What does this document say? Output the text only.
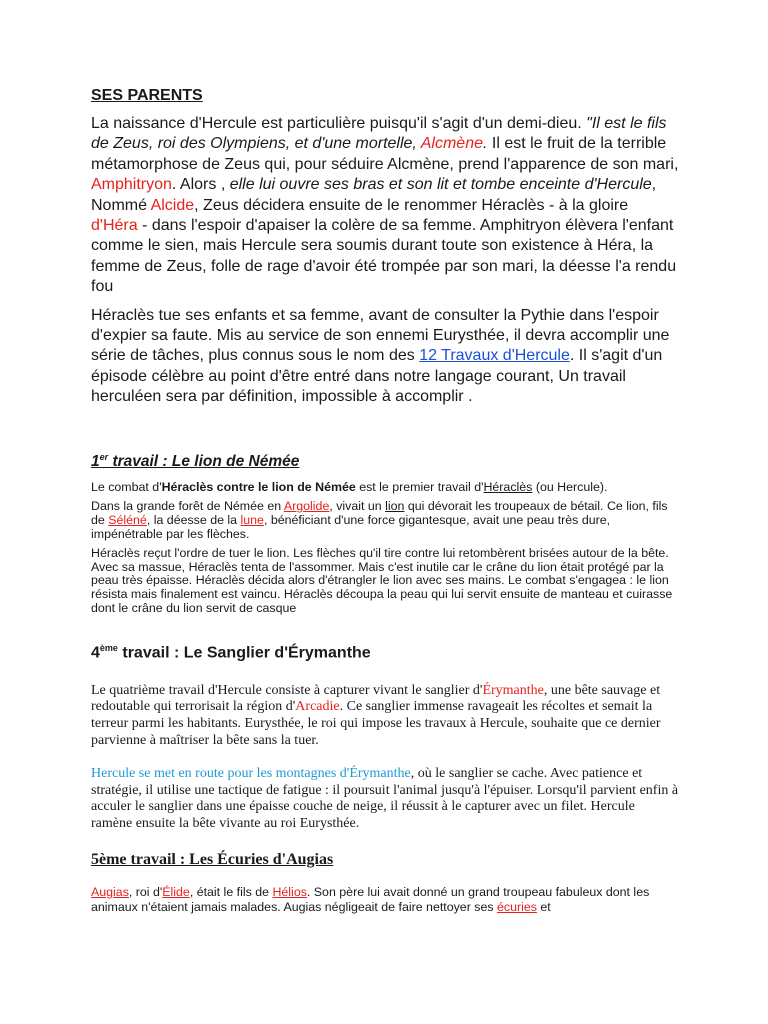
SES PARENTS

La naissance d'Hercule est particulière puisqu'il s'agit d'un demi-dieu. "Il est le fils de Zeus, roi des Olympiens, et d'une mortelle, Alcmène. Il est le fruit de la terrible métamorphose de Zeus qui, pour séduire Alcmène, prend l'apparence de son mari, Amphitryon. Alors , elle lui ouvre ses bras et son lit et tombe enceinte d'Hercule, Nommé Alcide, Zeus décidera ensuite de le renommer Héraclès - à la gloire d'Héra - dans l'espoir d'apaiser la colère de sa femme. Amphitryon élèvera l'enfant comme le sien, mais Hercule sera soumis durant toute son existence à Héra, la femme de Zeus, folle de rage d'avoir été trompée par son mari, la déesse l'a rendu fou

Héraclès tue ses enfants et sa femme, avant de consulter la Pythie dans l'espoir d'expier sa faute. Mis au service de son ennemi Eurysthée, il devra accomplir une série de tâches, plus connus sous le nom des 12 Travaux d'Hercule. Il s'agit d'un épisode célèbre au point d'être entré dans notre langage courant, Un travail herculéen sera par définition, impossible à accomplir .

1er travail : Le lion de Némée

Le combat d'Héraclès contre le lion de Némée est le premier travail d'Héraclès (ou Hercule).

Dans la grande forêt de Némée en Argolide, vivait un lion qui dévorait les troupeaux de bétail. Ce lion, fils de Séléné, la déesse de la lune, bénéficiant d'une force gigantesque, avait une peau très dure, impénétrable par les flèches.

Héraclès reçut l'ordre de tuer le lion. Les flèches qu'il tire contre lui retombèrent brisées autour de la bête. Avec sa massue, Héraclès tenta de l'assommer. Mais c'est inutile car le crâne du lion était protégé par la peau très épaisse. Héraclès décida alors d'étrangler le lion avec ses mains. Le combat s'engagea : le lion résista mais finalement est vaincu. Héraclès découpa la peau qui lui servit ensuite de manteau et cuirasse dont le crâne du lion servit de casque

4ème travail : Le Sanglier d'Érymanthe

Le quatrième travail d'Hercule consiste à capturer vivant le sanglier d'Érymanthe, une bête sauvage et redoutable qui terrorisait la région d'Arcadie. Ce sanglier immense ravageait les récoltes et semait la terreur parmi les habitants. Eurysthée, le roi qui impose les travaux à Hercule, souhaite que ce dernier parvienne à maîtriser la bête sans la tuer.

Hercule se met en route pour les montagnes d'Érymanthe, où le sanglier se cache. Avec patience et stratégie, il utilise une tactique de fatigue : il poursuit l'animal jusqu'à l'épuiser. Lorsqu'il parvient enfin à acculer le sanglier dans une épaisse couche de neige, il réussit à le capturer avec un filet. Hercule ramène ensuite la bête vivante au roi Eurysthée.

5ème travail : Les Écuries d'Augias

Augias, roi d'Élide, était le fils de Hélios. Son père lui avait donné un grand troupeau fabuleux dont les animaux n'étaient jamais malades. Augias négligeait de faire nettoyer ses écuries et
